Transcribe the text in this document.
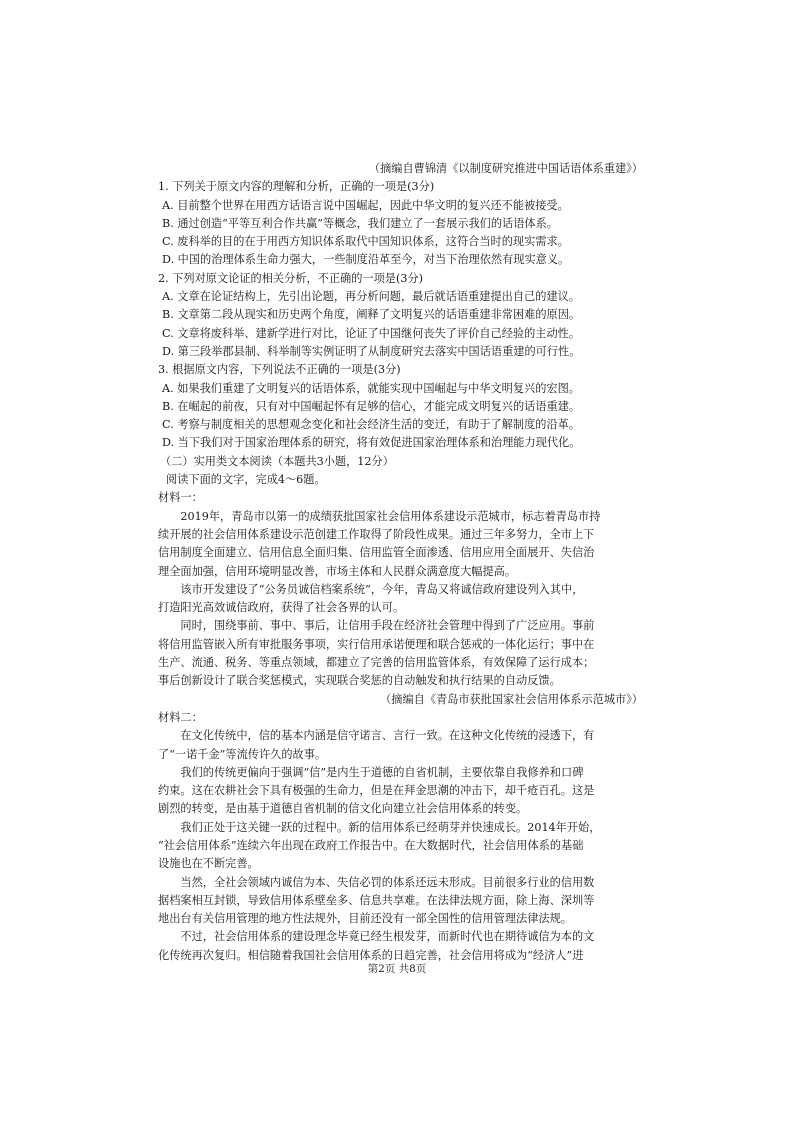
（摘编自曹锦清《以制度研究推进中国话语体系重建》）
1. 下列关于原文内容的理解和分析，正确的一项是(3分)
A. 目前整个世界在用西方话语言说中国崛起，因此中华文明的复兴还不能被接受。
B. 通过创造“平等互利合作共赢”等概念，我们建立了一套展示我们的话语体系。
C. 废科举的目的在于用西方知识体系取代中国知识体系，这符合当时的现实需求。
D. 中国的治理体系生命力强大，一些制度沿革至今，对当下治理依然有现实意义。
2. 下列对原文论证的相关分析，不正确的一项是(3分)
A. 文章在论证结构上，先引出论题，再分析问题，最后就话语重建提出自己的建议。
B. 文章第二段从现实和历史两个角度，阐释了文明复兴的话语重建非常困难的原因。
C. 文章将废科举、建新学进行对比，论证了中国继何丧失了评价自己经验的主动性。
D. 第三段举郡县制、科举制等实例证明了从制度研究去落实中国话语重建的可行性。
3. 根据原文内容，下列说法不正确的一项是(3分)
A. 如果我们重建了文明复兴的话语体系，就能实现中国崛起与中华文明复兴的宏图。
B. 在崛起的前夜，只有对中国崛起怀有足够的信心，才能完成文明复兴的话语重建。
C. 考察与制度相关的思想观念变化和社会经济生活的变迁，有助于了解制度的沿革。
D. 当下我们对于国家治理体系的研究，将有效促进国家治理体系和治理能力现代化。
（二）实用类文本阅读（本题共3小题，12分）
阅读下面的文字，完成4～6题。
材料一：
2019年，青岛市以第一的成绩获批国家社会信用体系建设示范城市，标志着青岛市持
续开展的社会信用体系建设示范创建工作取得了阶段性成果。通过三年多努力，全市上下
信用制度全面建立、信用信息全面归集、信用监管全面渗透、信用应用全面展开、失信治
理全面加强，信用环境明显改善，市场主体和人民群众满意度大幅提高。
该市开发建设了“公务员诚信档案系统”，今年，青岛又将诚信政府建设列入其中，
打造阳光高效诚信政府，获得了社会各界的认可。
同时，围绕事前、事中、事后，让信用手段在经济社会管理中得到了广泛应用。事前
将信用监管嵌入所有审批服务事项，实行信用承诺便理和联合惩戒的一体化运行；事中在
生产、流通、税务、等重点领域，都建立了完善的信用监管体系，有效保障了运行成本；
事后创新设计了联合奖惩模式，实现联合奖惩的自动触发和执行结果的自动反馈。
（摘编自《青岛市获批国家社会信用体系示范城市》）
材料二：
在文化传统中，信的基本内涵是信守诺言、言行一致。在这种文化传统的浸透下，有
了“一诺千金”等流传许久的故事。
我们的传统更偏向于强调“信”是内生于道德的自省机制，主要依靠自我修养和口碑
约束。这在农耕社会下具有极强的生命力，但是在拜金思潮的冲击下，却千疮百孔。这是
剧烈的转变，是由基于道德自省机制的信文化向建立社会信用体系的转变。
我们正处于这关键一跃的过程中。新的信用体系已经萌芽并快速成长。2014年开始，
“社会信用体系”连续六年出现在政府工作报告中。在大数据时代，社会信用体系的基础
设施也在不断完善。
当然，全社会领域内诚信为本、失信必罚的体系还远未形成。目前很多行业的信用数
据档案相互封锁，导致信用体系壁垒多、信息共享难。在法律法规方面，除上海、深圳等
地出台有关信用管理的地方性法规外，目前还没有一部全国性的信用管理法律法规。
不过，社会信用体系的建设理念毕竟已经生根发芽，而新时代也在期待诚信为本的文
化传统再次复归。相信随着我国社会信用体系的日趋完善，社会信用将成为“经济人”进
第2页 共8页
